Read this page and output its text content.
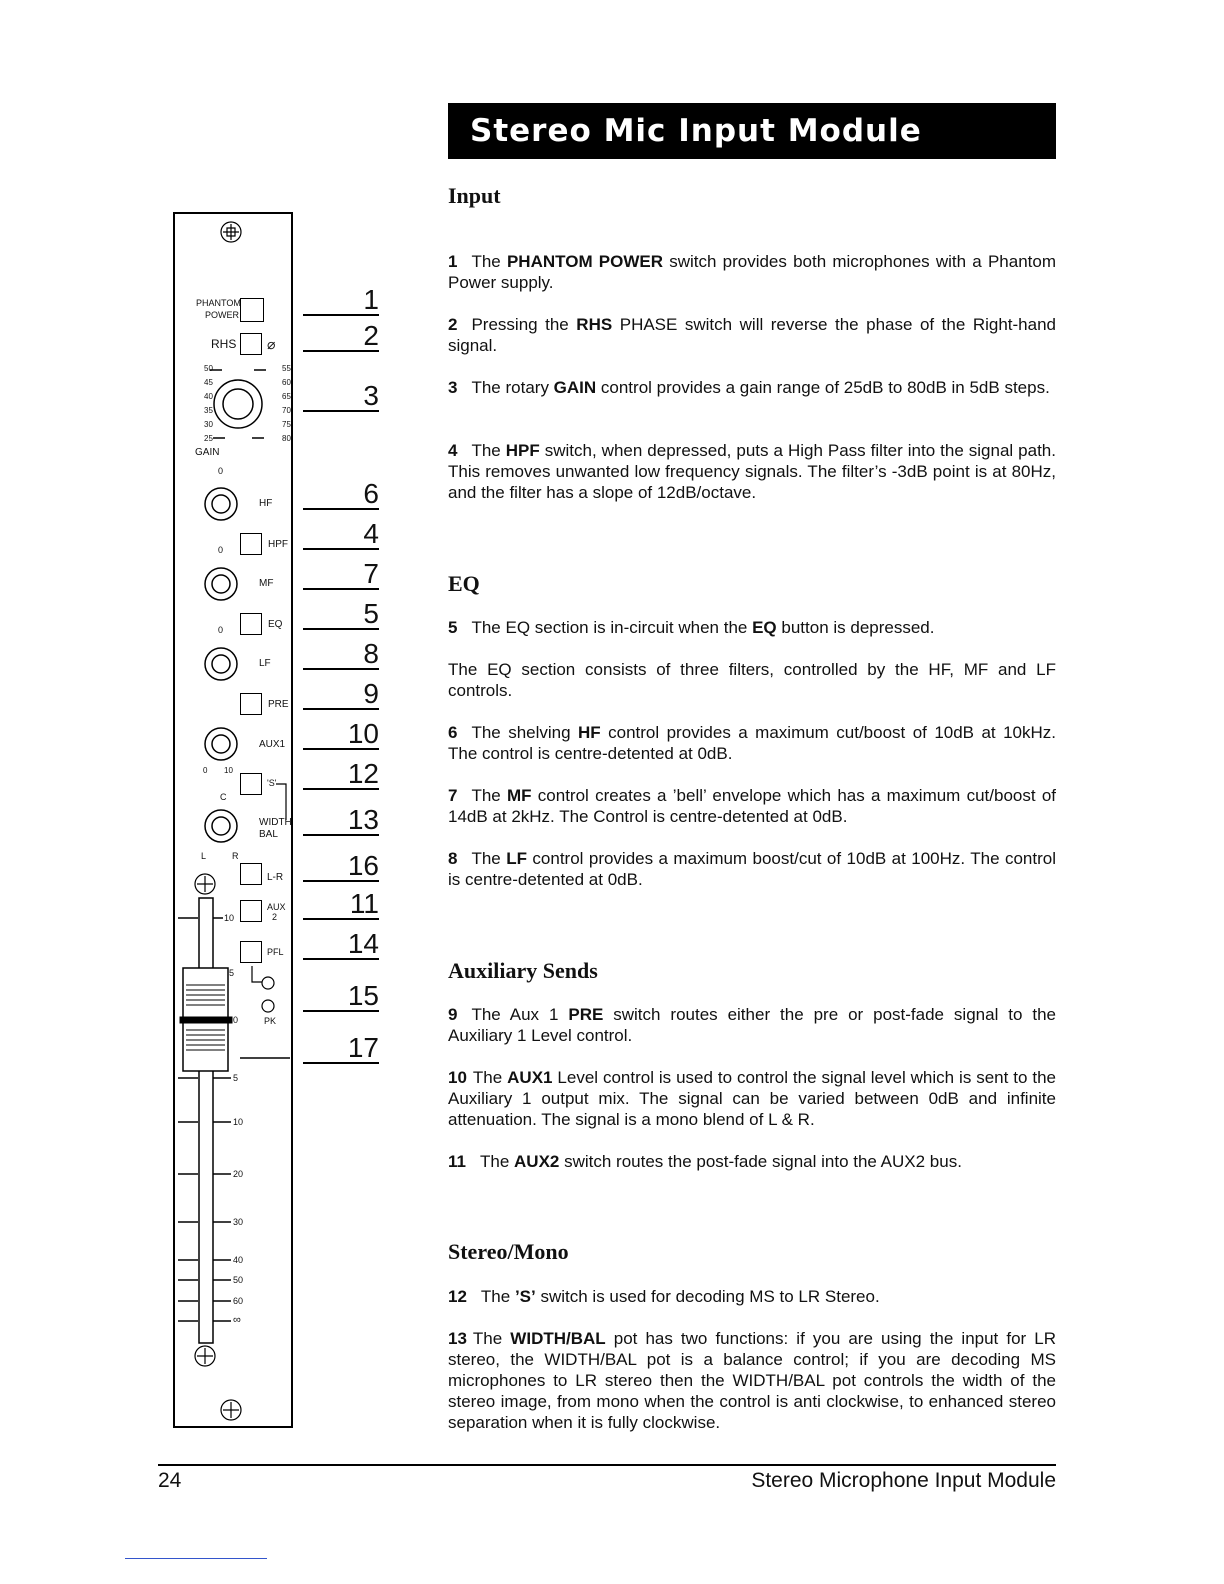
Stereo Mic Input Module
Input
EQ
Auxiliary Sends
Stereo/Mono
1 The PHANTOM POWER switch provides both microphones with a Phantom Power supply.
2 Pressing the RHS PHASE switch will reverse the phase of the Right-hand signal.
3 The rotary GAIN control provides a gain range of 25dB to 80dB in 5dB steps.
4 The HPF switch, when depressed, puts a High Pass filter into the signal path. This removes unwanted low frequency signals. The filter’s -3dB point is at 80Hz, and the filter has a slope of 12dB/octave.
5 The EQ section is in-circuit when the EQ button is depressed.
The EQ section consists of three filters, controlled by the HF, MF and LF controls.
6 The shelving HF control provides a maximum cut/boost of 10dB at 10kHz. The control is centre-detented at 0dB.
7 The MF control creates a ’bell’ envelope which has a maximum cut/boost of 14dB at 2kHz. The Control is centre-detented at 0dB.
8 The LF control provides a maximum boost/cut of 10dB at 100Hz. The control is centre-detented at 0dB.
9 The Aux 1 PRE switch routes either the pre or post-fade signal to the Auxiliary 1 Level control.
10 The AUX1 Level control is used to control the signal level which is sent to the Auxiliary 1 output mix. The signal can be varied between 0dB and infinite attenuation. The signal is a mono blend of L & R.
11 The AUX2 switch routes the post-fade signal into the AUX2 bus.
12 The ’S’ switch is used for decoding MS to LR Stereo.
13 The WIDTH/BAL pot has two functions: if you are using the input for LR stereo, the WIDTH/BAL pot is a balance control; if you are decoding MS microphones to LR stereo then the WIDTH/BAL pot controls the width of the stereo image, from mono when the control is anti clockwise, to enhanced stereo separation when it is fully clockwise.
PHANTOM
POWER
RHS ⌀
GAIN
50
45
40
35
30
25
55
60
65
70
75
80
0
HF
0	HPF
MF
0	EQ
LF
PRE
AUX1
0 10
'S'
C
WIDTH
BAL
L	R
L-R
AUX
2
PFL
PK
10
5
0
5
10
20
30
40
50
60
∞
1
2
3
6
4
7
5
8
9
10
12
13
16
11
14
15
17
24	Stereo Microphone Input Module
